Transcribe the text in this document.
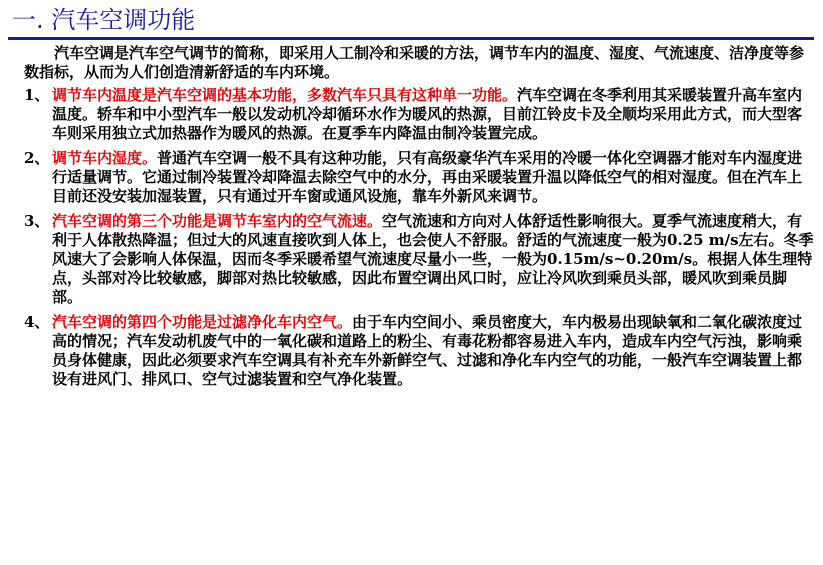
一. 汽车空调功能

汽车空调是汽车空气调节的简称，即采用人工制冷和采暖的方法，调节车内的温度、湿度、气流速度、洁净度等参数指标，从而为人们创造清新舒适的车内环境。

1、 调节车内温度是汽车空调的基本功能，多数汽车只具有这种单一功能。汽车空调在冬季利用其采暖装置升高车室内温度。轿车和中小型汽车一般以发动机冷却循环水作为暖风的热源，目前江铃皮卡及全顺均采用此方式，而大型客车则采用独立式加热器作为暖风的热源。在夏季车内降温由制冷装置完成。
2、 调节车内湿度。普通汽车空调一般不具有这种功能，只有高级豪华汽车采用的冷暖一体化空调器才能对车内湿度进行适量调节。它通过制冷装置冷却降温去除空气中的水分，再由采暖装置升温以降低空气的相对湿度。但在汽车上目前还没安装加湿装置，只有通过开车窗或通风设施，靠车外新风来调节。
3、 汽车空调的第三个功能是调节车室内的空气流速。空气流速和方向对人体舒适性影响很大。夏季气流速度稍大，有利于人体散热降温；但过大的风速直接吹到人体上，也会使人不舒服。舒适的气流速度一般为0.25 m/s左右。冬季风速大了会影响人体保温，因而冬季采暖希望气流速度尽量小一些，一般为0.15m/s~0.20m/s。根据人体生理特点，头部对冷比较敏感，脚部对热比较敏感，因此布置空调出风口时，应让冷风吹到乘员头部，暖风吹到乘员脚部。
4、 汽车空调的第四个功能是过滤净化车内空气。由于车内空间小、乘员密度大，车内极易出现缺氧和二氧化碳浓度过高的情况；汽车发动机废气中的一氧化碳和道路上的粉尘、有毒花粉都容易进入车内，造成车内空气污浊，影响乘员身体健康，因此必须要求汽车空调具有补充车外新鲜空气、过滤和净化车内空气的功能，一般汽车空调装置上都设有进风门、排风口、空气过滤装置和空气净化装置。
